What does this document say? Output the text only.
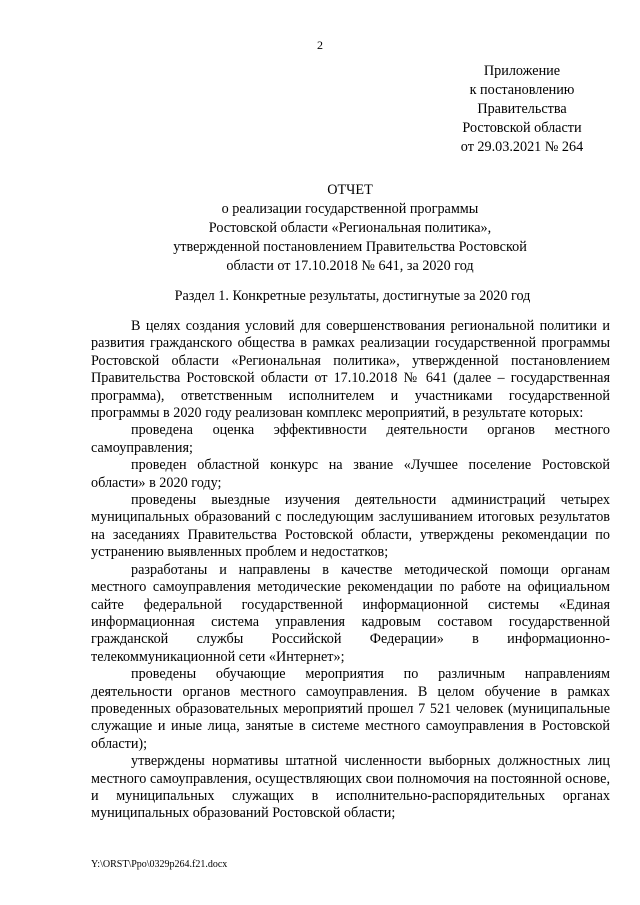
2
Приложение
к постановлению
Правительства
Ростовской области
от 29.03.2021 № 264
ОТЧЕТ
о реализации государственной программы
Ростовской области «Региональная политика»,
утвержденной постановлением Правительства Ростовской
области от 17.10.2018 № 641, за 2020 год
Раздел 1. Конкретные результаты, достигнутые за 2020 год

В целях создания условий для совершенствования региональной политики и развития гражданского общества в рамках реализации государственной программы Ростовской области «Региональная политика», утвержденной постановлением Правительства Ростовской области от 17.10.2018 № 641 (далее – государственная программа), ответственным исполнителем и участниками государственной программы в 2020 году реализован комплекс мероприятий, в результате которых:

проведена оценка эффективности деятельности органов местного самоуправления;

проведен областной конкурс на звание «Лучшее поселение Ростовской области» в 2020 году;

проведены выездные изучения деятельности администраций четырех муниципальных образований с последующим заслушиванием итоговых результатов на заседаниях Правительства Ростовской области, утверждены рекомендации по устранению выявленных проблем и недостатков;

разработаны и направлены в качестве методической помощи органам местного самоуправления методические рекомендации по работе на официальном сайте федеральной государственной информационной системы «Единая информационная система управления кадровым составом государственной гражданской службы Российской Федерации» в информационно-телекоммуникационной сети «Интернет»;

проведены обучающие мероприятия по различным направлениям деятельности органов местного самоуправления. В целом обучение в рамках проведенных образовательных мероприятий прошел 7 521 человек (муниципальные служащие и иные лица, занятые в системе местного самоуправления в Ростовской области);

утверждены нормативы штатной численности выборных должностных лиц местного самоуправления, осуществляющих свои полномочия на постоянной основе, и муниципальных служащих в исполнительно-распорядительных органах муниципальных образований Ростовской области;

Y:\ORST\Ppo\0329p264.f21.docx
